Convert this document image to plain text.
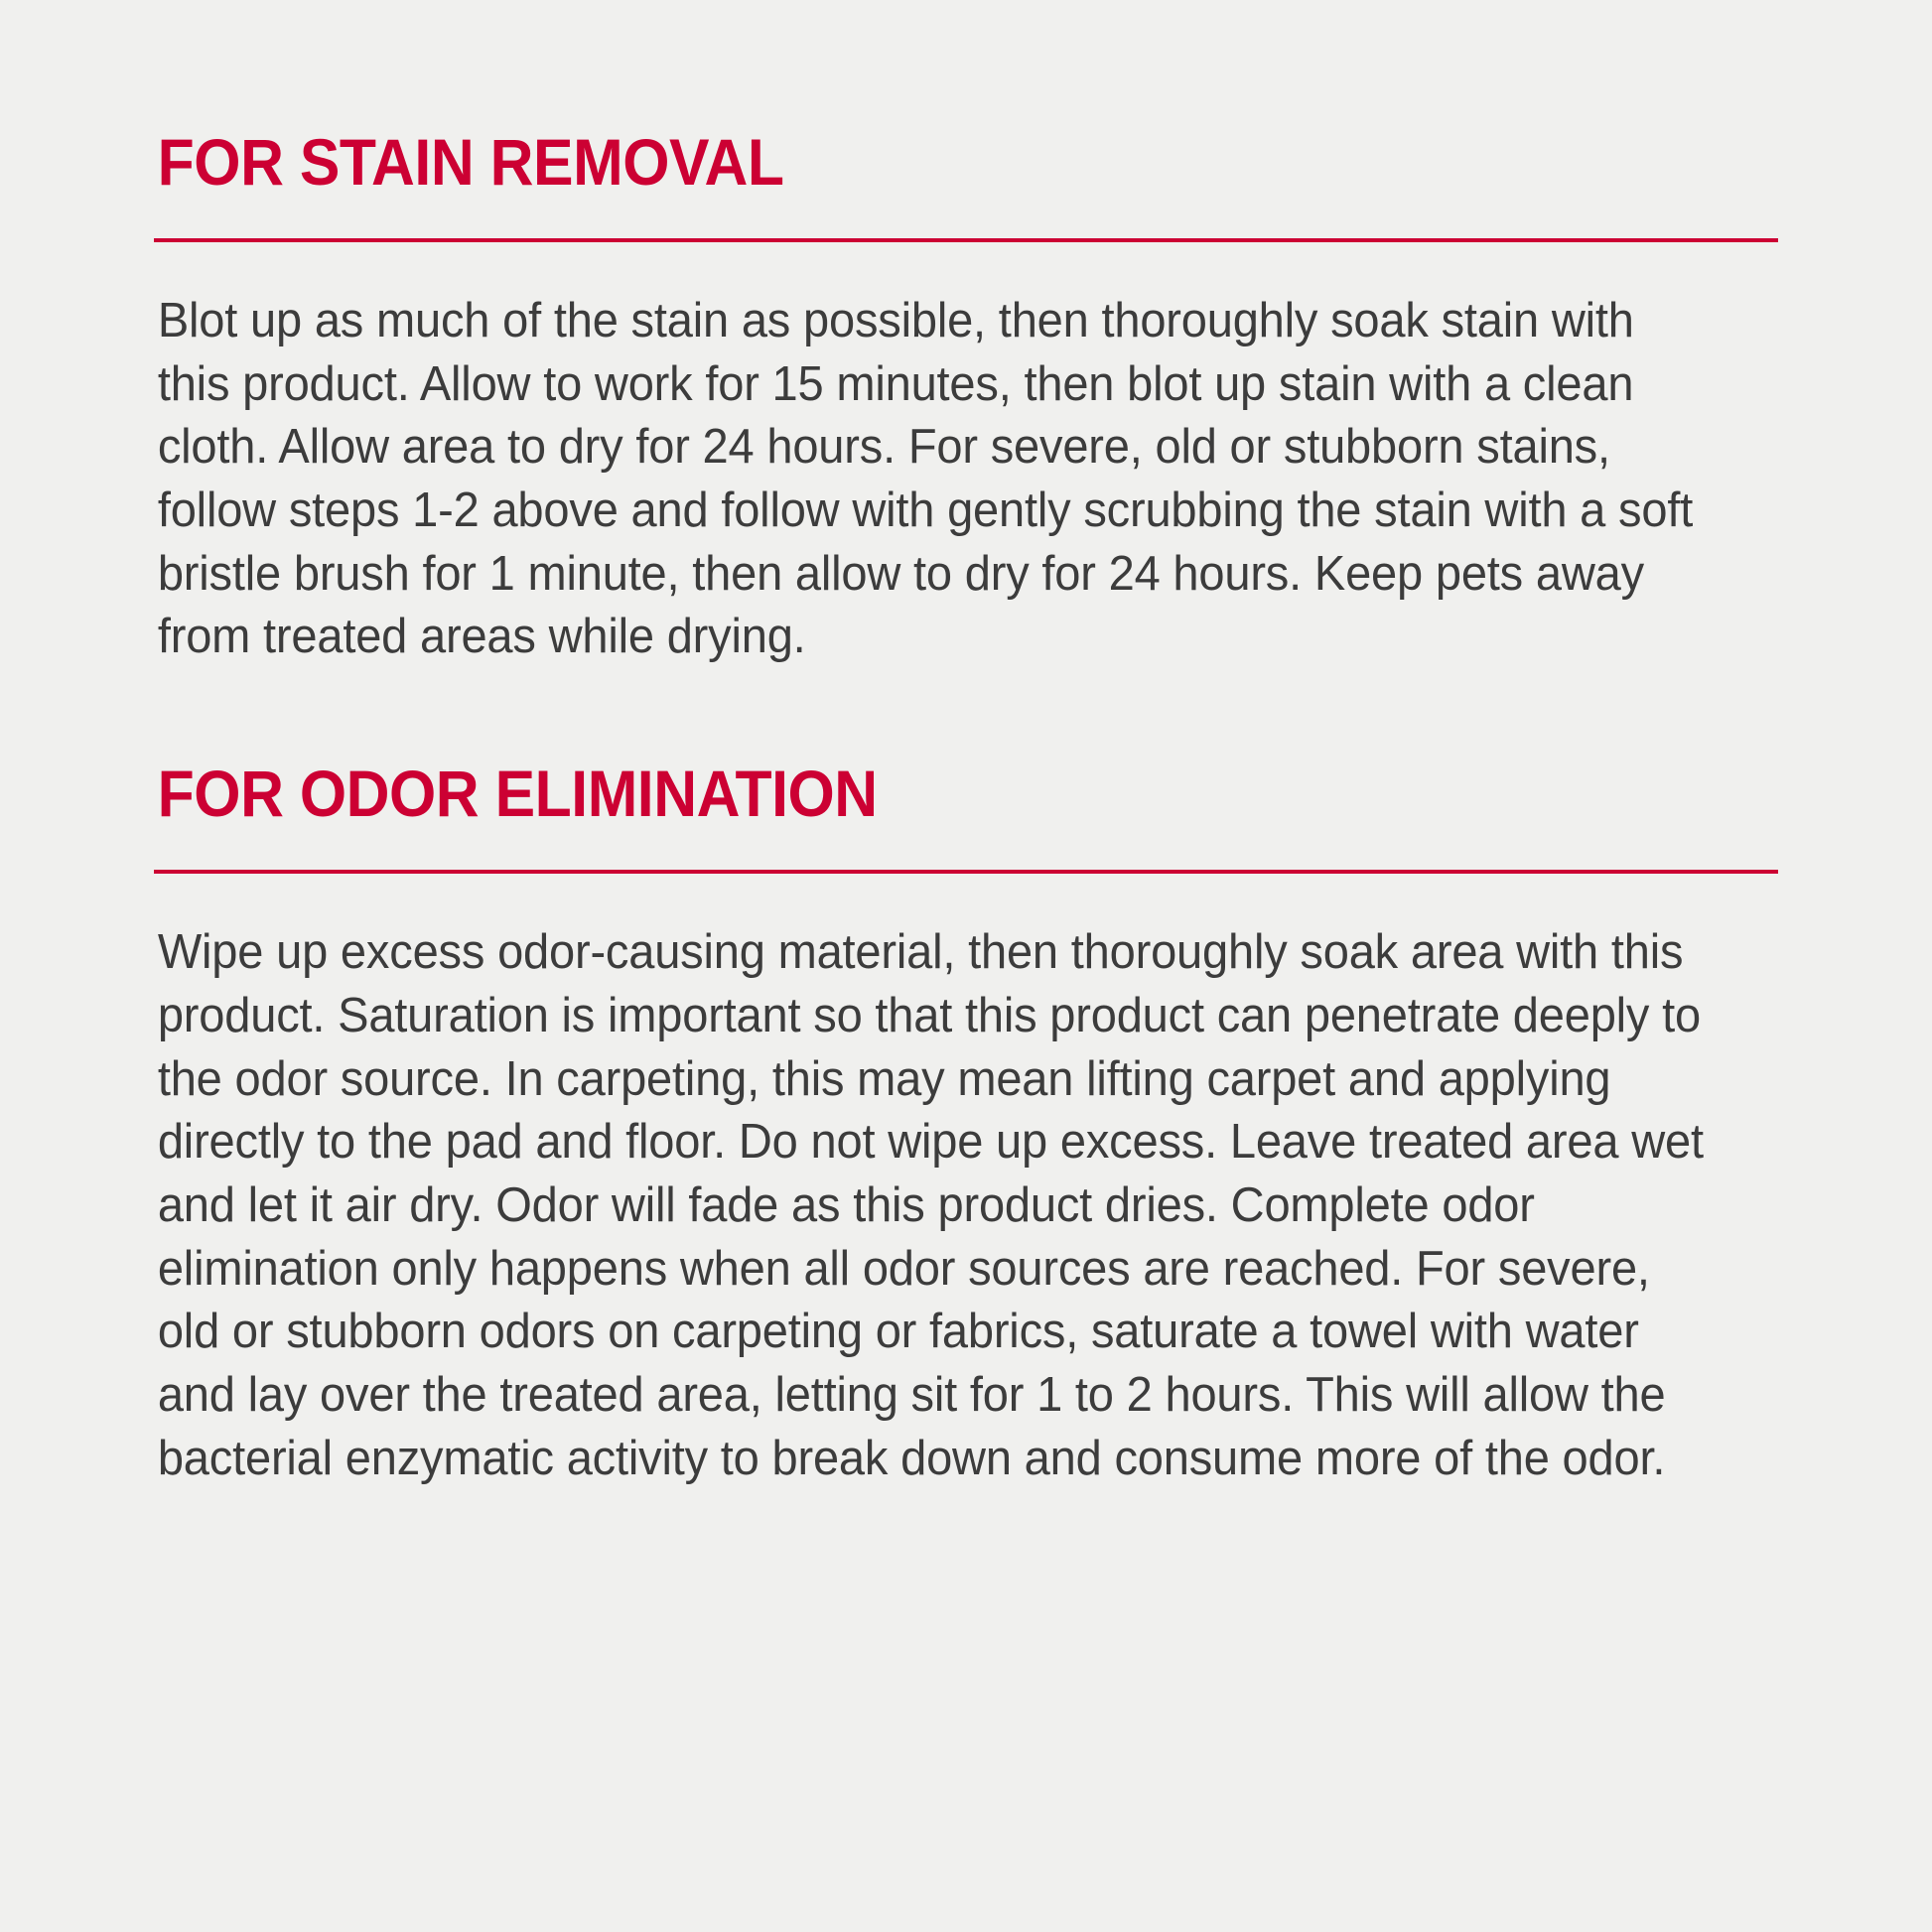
FOR STAIN REMOVAL

Blot up as much of the stain as possible, then thoroughly soak stain with this product. Allow to work for 15 minutes, then blot up stain with a clean cloth. Allow area to dry for 24 hours. For severe, old or stubborn stains, follow steps 1-2 above and follow with gently scrubbing the stain with a soft bristle brush for 1 minute, then allow to dry for 24 hours. Keep pets away from treated areas while drying.

FOR ODOR ELIMINATION

Wipe up excess odor-causing material, then thoroughly soak area with this product. Saturation is important so that this product can penetrate deeply to the odor source. In carpeting, this may mean lifting carpet and applying directly to the pad and floor. Do not wipe up excess. Leave treated area wet and let it air dry. Odor will fade as this product dries. Complete odor elimination only happens when all odor sources are reached. For severe, old or stubborn odors on carpeting or fabrics, saturate a towel with water and lay over the treated area, letting sit for 1 to 2 hours. This will allow the bacterial enzymatic activity to break down and consume more of the odor.
